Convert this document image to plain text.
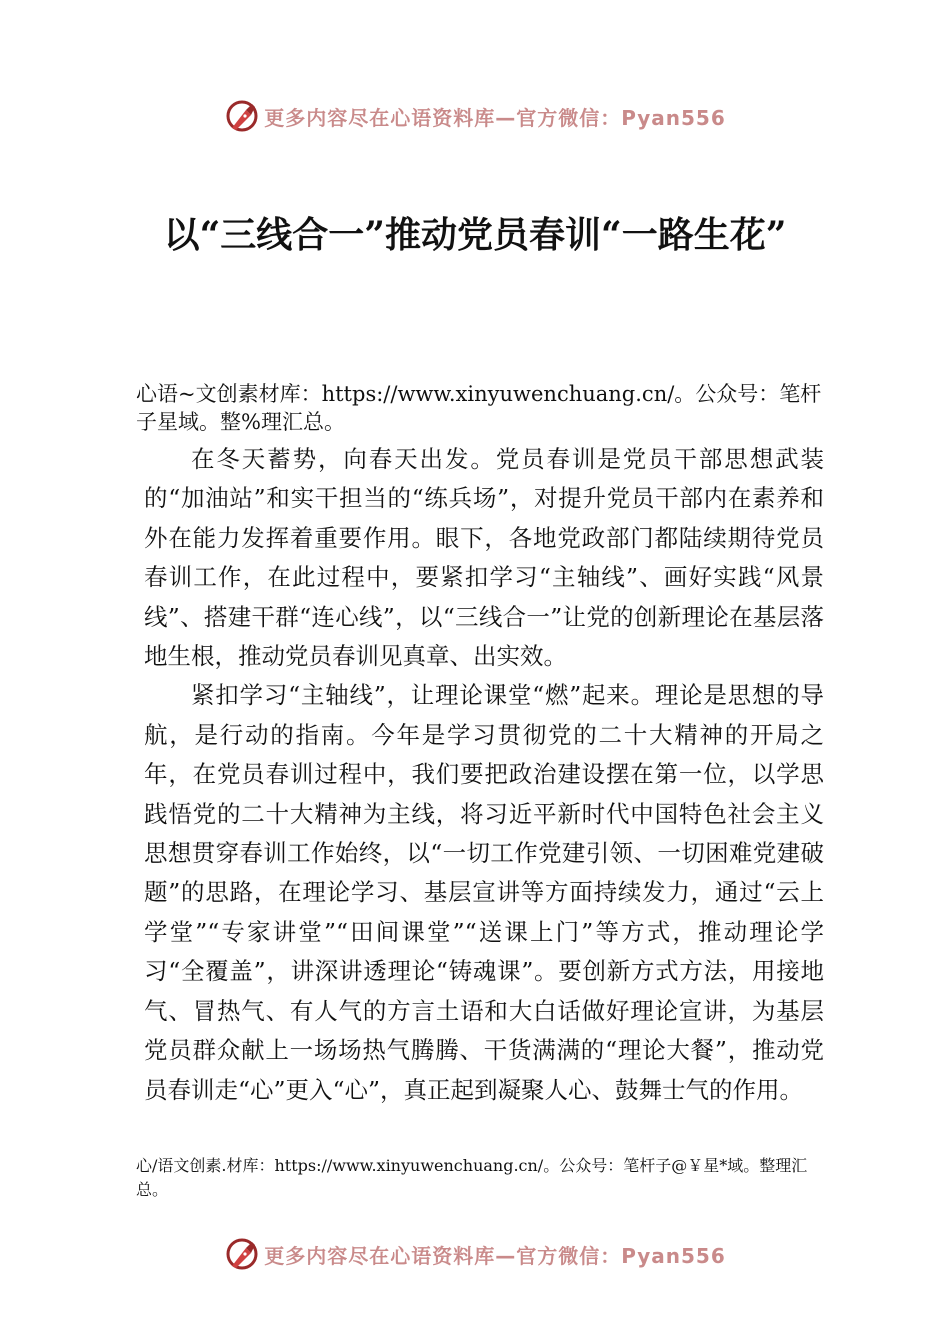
更多内容尽在心语资料库—官方微信：Pyan556
以“三线合一”推动党员春训“一路生花”
心语~文创素材库：https://www.xinyuwenchuang.cn/。公众号：笔杆子星域。整%理汇总。

在冬天蓄势，向春天出发。党员春训是党员干部思想武装的“加油站”和实干担当的“练兵场”，对提升党员干部内在素养和外在能力发挥着重要作用。眼下，各地党政部门都陆续期待党员春训工作，在此过程中，要紧扣学习“主轴线”、画好实践“风景线”、搭建干群“连心线”，以“三线合一”让党的创新理论在基层落地生根，推动党员春训见真章、出实效。

紧扣学习“主轴线”，让理论课堂“燃”起来。理论是思想的导航，是行动的指南。今年是学习贯彻党的二十大精神的开局之年，在党员春训过程中，我们要把政治建设摆在第一位，以学思践悟党的二十大精神为主线，将习近平新时代中国特色社会主义思想贯穿春训工作始终，以“一切工作党建引领、一切困难党建破题”的思路，在理论学习、基层宣讲等方面持续发力，通过“云上学堂”“专家讲堂”“田间课堂”“送课上门”等方式，推动理论学习“全覆盖”，讲深讲透理论“铸魂课”。要创新方式方法，用接地气、冒热气、有人气的方言土语和大白话做好理论宣讲，为基层党员群众献上一场场热气腾腾、干货满满的“理论大餐”，推动党员春训走“心”更入“心”，真正起到凝聚人心、鼓舞士气的作用。

心/语文创素.材库：https://www.xinyuwenchuang.cn/。公众号：笔杆子@￥星*域。整理汇总。
更多内容尽在心语资料库—官方微信：Pyan556
